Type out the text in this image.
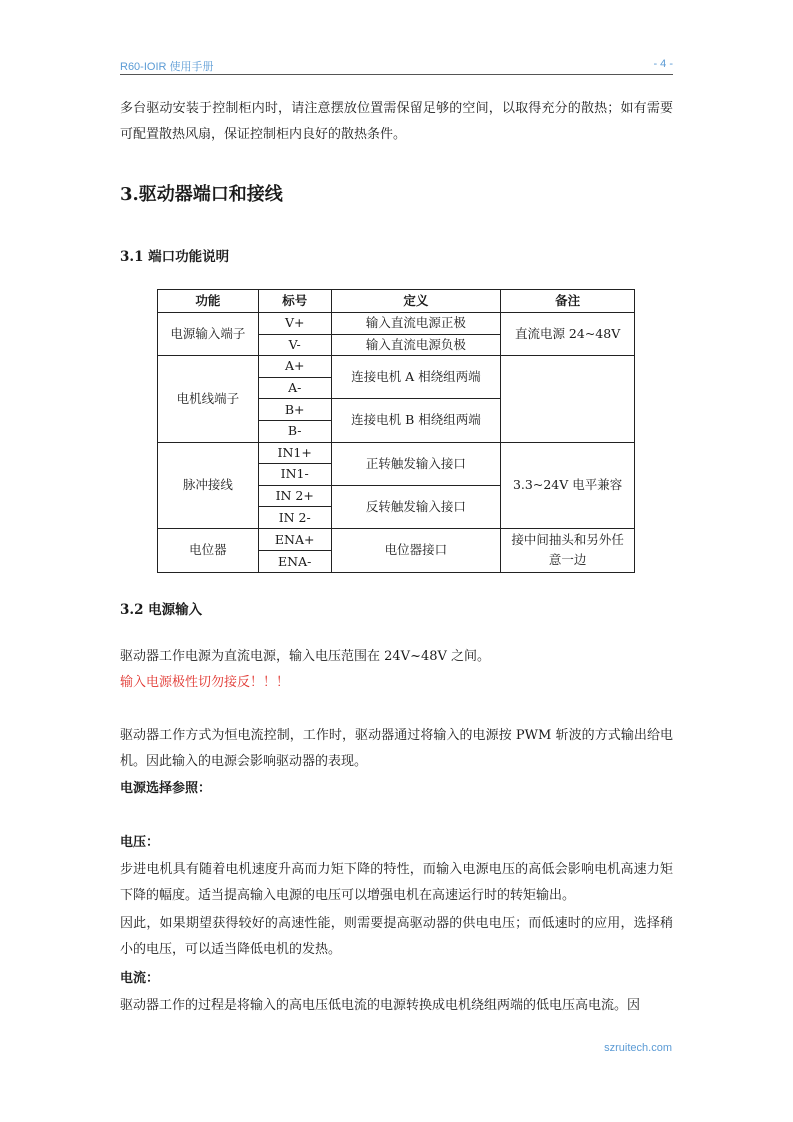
R60-IOIR 使用手册	- 4 -
多台驱动安装于控制柜内时，请注意摆放位置需保留足够的空间，以取得充分的散热；如有需要可配置散热风扇，保证控制柜内良好的散热条件。
3.驱动器端口和接线
3.1 端口功能说明
功能	标号	定义	备注
电源输入端子	V+	输入直流电源正极	直流电源 24~48V
	V-	输入直流电源负极	
电机线端子	A+	连接电机 A 相绕组两端	
	A-		
	B+	连接电机 B 相绕组两端	
	B-		
脉冲接线	IN1+	正转触发输入接口	3.3~24V 电平兼容
	IN1-		
	IN 2+	反转触发输入接口	
	IN 2-		
电位器	ENA+	电位器接口	接中间抽头和另外任意一边
	ENA-		
3.2 电源输入
驱动器工作电源为直流电源，输入电压范围在 24V~48V 之间。
输入电源极性切勿接反！！！
驱动器工作方式为恒电流控制，工作时，驱动器通过将输入的电源按 PWM 斩波的方式输出给电机。因此输入的电源会影响驱动器的表现。
电源选择参照：
电压：
步进电机具有随着电机速度升高而力矩下降的特性，而输入电源电压的高低会影响电机高速力矩下降的幅度。适当提高输入电源的电压可以增强电机在高速运行时的转矩输出。
因此，如果期望获得较好的高速性能，则需要提高驱动器的供电电压；而低速时的应用，选择稍小的电压，可以适当降低电机的发热。
电流：
驱动器工作的过程是将输入的高电压低电流的电源转换成电机绕组两端的低电压高电流。因
szruitech.com
